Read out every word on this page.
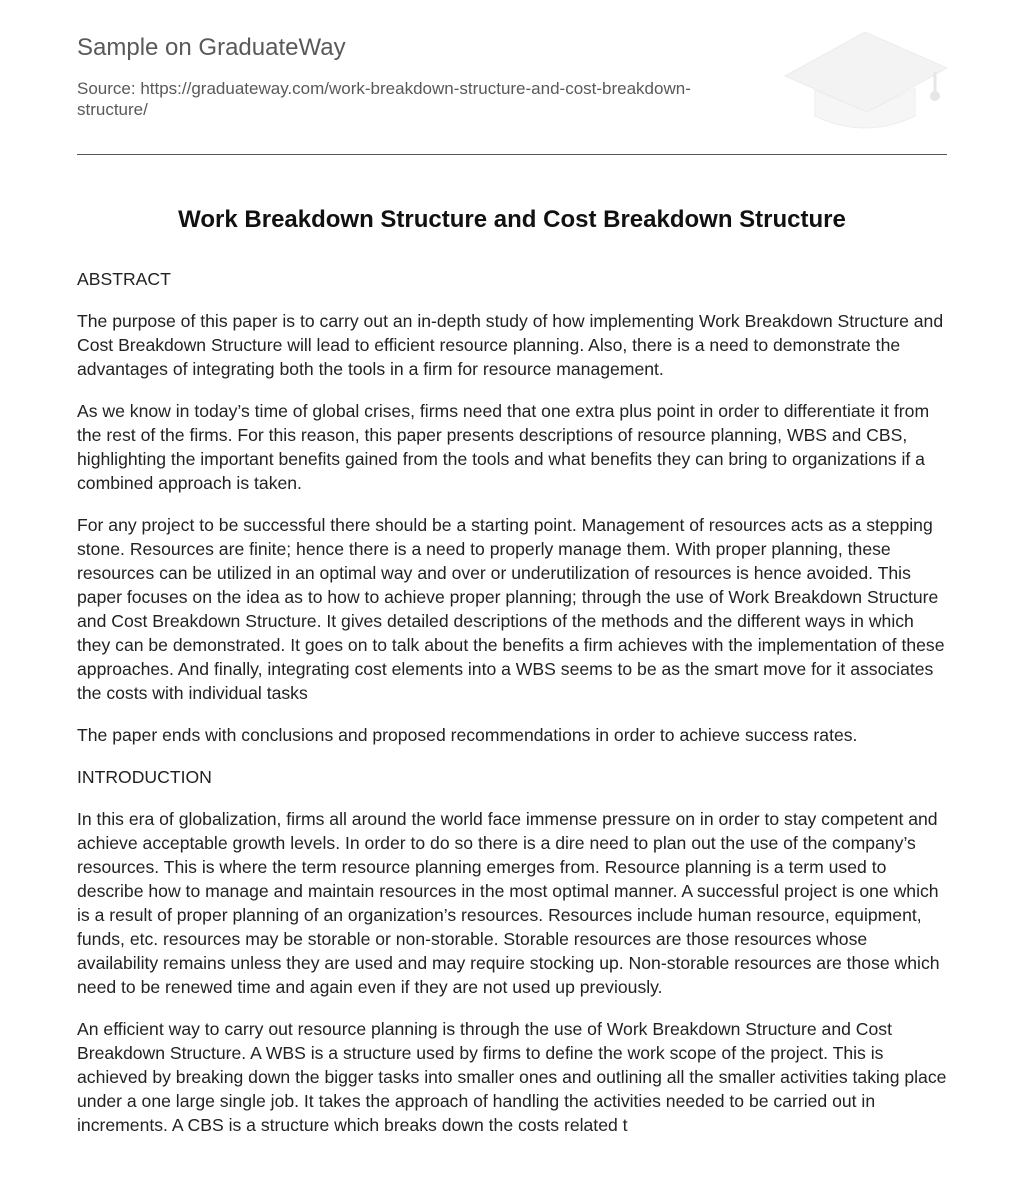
Sample on GraduateWay
Source: https://graduateway.com/work-breakdown-structure-and-cost-breakdown-structure/
Work Breakdown Structure and Cost Breakdown Structure

ABSTRACT

The purpose of this paper is to carry out an in-depth study of how implementing Work Breakdown Structure and Cost Breakdown Structure will lead to efficient resource planning. Also, there is a need to demonstrate the advantages of integrating both the tools in a firm for resource management.

As we know in today’s time of global crises, firms need that one extra plus point in order to differentiate it from the rest of the firms. For this reason, this paper presents descriptions of resource planning, WBS and CBS, highlighting the important benefits gained from the tools and what benefits they can bring to organizations if a combined approach is taken.

For any project to be successful there should be a starting point. Management of resources acts as a stepping stone. Resources are finite; hence there is a need to properly manage them. With proper planning, these resources can be utilized in an optimal way and over or underutilization of resources is hence avoided. This paper focuses on the idea as to how to achieve proper planning; through the use of Work Breakdown Structure and Cost Breakdown Structure. It gives detailed descriptions of the methods and the different ways in which they can be demonstrated. It goes on to talk about the benefits a firm achieves with the implementation of these approaches. And finally, integrating cost elements into a WBS seems to be as the smart move for it associates the costs with individual tasks

The paper ends with conclusions and proposed recommendations in order to achieve success rates.

INTRODUCTION

In this era of globalization, firms all around the world face immense pressure on in order to stay competent and achieve acceptable growth levels. In order to do so there is a dire need to plan out the use of the company’s resources. This is where the term resource planning emerges from. Resource planning is a term used to describe how to manage and maintain resources in the most optimal manner. A successful project is one which is a result of proper planning of an organization’s resources. Resources include human resource, equipment, funds, etc. resources may be storable or non-storable. Storable resources are those resources whose availability remains unless they are used and may require stocking up. Non-storable resources are those which need to be renewed time and again even if they are not used up previously.

An efficient way to carry out resource planning is through the use of Work Breakdown Structure and Cost Breakdown Structure. A WBS is a structure used by firms to define the work scope of the project. This is achieved by breaking down the bigger tasks into smaller ones and outlining all the smaller activities taking place under a one large single job. It takes the approach of handling the activities needed to be carried out in increments. A CBS is a structure which breaks down the costs related t
